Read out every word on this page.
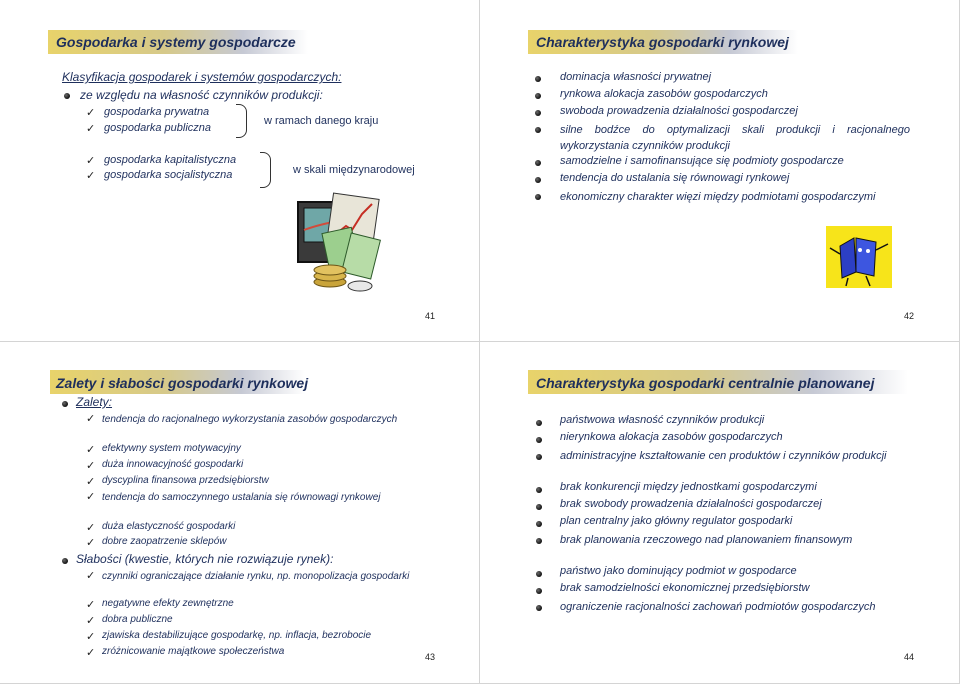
Gospodarka i systemy gospodarcze
Klasyfikacja gospodarek i systemów gospodarczych:
ze względu na własność czynników produkcji:
✓ gospodarka prywatna
✓ gospodarka publiczna
w ramach danego kraju
✓ gospodarka kapitalistyczna
✓ gospodarka socjalistyczna	w skali międzynarodowej
41
Charakterystyka gospodarki rynkowej
dominacja własności prywatnej
rynkowa alokacja zasobów gospodarczych
swoboda prowadzenia działalności gospodarczej
silne bodźce do optymalizacji skali produkcji i racjonalnego wykorzystania czynników produkcji
samodzielne i samofinansujące się podmioty gospodarcze
tendencja do ustalania się równowagi rynkowej
ekonomiczny charakter więzi między podmiotami gospodarczymi
42
Zalety i słabości gospodarki rynkowej
Zalety:
✓ tendencja do racjonalnego wykorzystania zasobów gospodarczych
✓ efektywny system motywacyjny
✓ duża innowacyjność gospodarki
✓ dyscyplina finansowa przedsiębiorstw
✓ tendencja do samoczynnego ustalania się równowagi rynkowej
✓ duża elastyczność gospodarki
✓ dobre zaopatrzenie sklepów
Słabości (kwestie, których nie rozwiązuje rynek):
✓ czynniki ograniczające działanie rynku, np. monopolizacja gospodarki
✓ negatywne efekty zewnętrzne
✓ dobra publiczne
✓ zjawiska destabilizujące gospodarkę, np. inflacja, bezrobocie
✓ zróżnicowanie majątkowe społeczeństwa	43
Charakterystyka gospodarki centralnie planowanej
państwowa własność czynników produkcji
nierynkowa alokacja zasobów gospodarczych
administracyjne kształtowanie cen produktów i czynników produkcji
brak konkurencji między jednostkami gospodarczymi
brak swobody prowadzenia działalności gospodarczej
plan centralny jako główny regulator gospodarki
brak planowania rzeczowego nad planowaniem finansowym
państwo jako dominujący podmiot w gospodarce
brak samodzielności ekonomicznej przedsiębiorstw
ograniczenie racjonalności zachowań podmiotów gospodarczych
44
